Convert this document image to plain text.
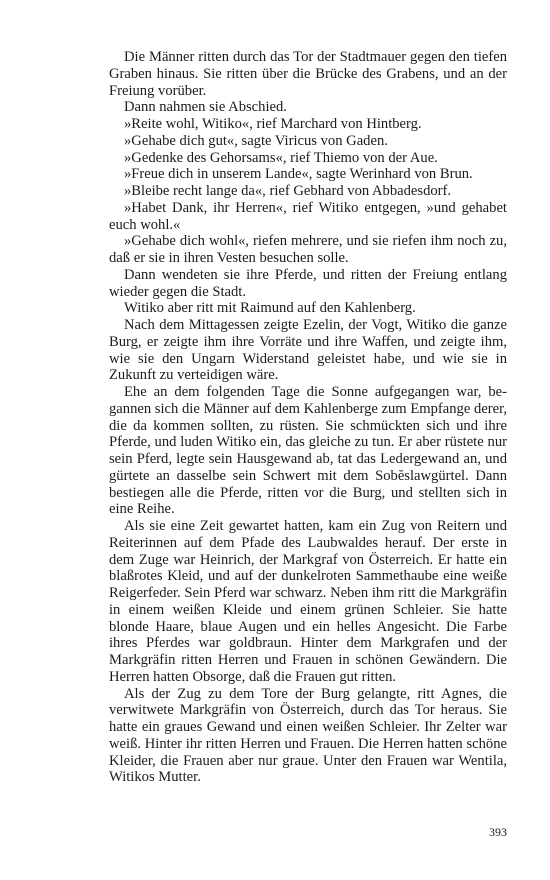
Die Männer ritten durch das Tor der Stadtmauer gegen den tiefen Graben hinaus. Sie ritten über die Brücke des Grabens, und an der Freiung vorüber.

Dann nahmen sie Abschied.

»Reite wohl, Witiko«, rief Marchard von Hintberg.

»Gehabe dich gut«, sagte Viricus von Gaden.

»Gedenke des Gehorsams«, rief Thiemo von der Aue.

»Freue dich in unserem Lande«, sagte Werinhard von Brun.

»Bleibe recht lange da«, rief Gebhard von Abbadesdorf.

»Habet Dank, ihr Herren«, rief Witiko entgegen, »und gehabet euch wohl.«

»Gehabe dich wohl«, riefen mehrere, und sie riefen ihm noch zu, daß er sie in ihren Vesten besuchen solle.

Dann wendeten sie ihre Pferde, und ritten der Freiung entlang wieder gegen die Stadt.

Witiko aber ritt mit Raimund auf den Kahlenberg.

Nach dem Mittagessen zeigte Ezelin, der Vogt, Witiko die ganze Burg, er zeigte ihm ihre Vorräte und ihre Waffen, und zeigte ihm, wie sie den Ungarn Widerstand geleistet habe, und wie sie in Zukunft zu verteidigen wäre.

Ehe an dem folgenden Tage die Sonne aufgegangen war, begannen sich die Männer auf dem Kahlenberge zum Empfange derer, die da kommen sollten, zu rüsten. Sie schmückten sich und ihre Pferde, und luden Witiko ein, das gleiche zu tun. Er aber rüstete nur sein Pferd, legte sein Hausgewand ab, tat das Ledergewand an, und gürtete an dasselbe sein Schwert mit dem Sobĕslawgürtel. Dann bestiegen alle die Pferde, ritten vor die Burg, und stellten sich in eine Reihe.

Als sie eine Zeit gewartet hatten, kam ein Zug von Reitern und Reiterinnen auf dem Pfade des Laubwaldes herauf. Der erste in dem Zuge war Heinrich, der Markgraf von Österreich. Er hatte ein blaßrotes Kleid, und auf der dunkelroten Sammethaube eine weiße Reigerfeder. Sein Pferd war schwarz. Neben ihm ritt die Markgräfin in einem weißen Kleide und einem grünen Schleier. Sie hatte blonde Haare, blaue Augen und ein helles Angesicht. Die Farbe ihres Pferdes war goldbraun. Hinter dem Markgrafen und der Markgräfin ritten Herren und Frauen in schönen Gewändern. Die Herren hatten Obsorge, daß die Frauen gut ritten.

Als der Zug zu dem Tore der Burg gelangte, ritt Agnes, die verwitwete Markgräfin von Österreich, durch das Tor heraus. Sie hatte ein graues Gewand und einen weißen Schleier. Ihr Zelter war weiß. Hinter ihr ritten Herren und Frauen. Die Herren hatten schöne Kleider, die Frauen aber nur graue. Unter den Frauen war Wentila, Witikos Mutter.

393
